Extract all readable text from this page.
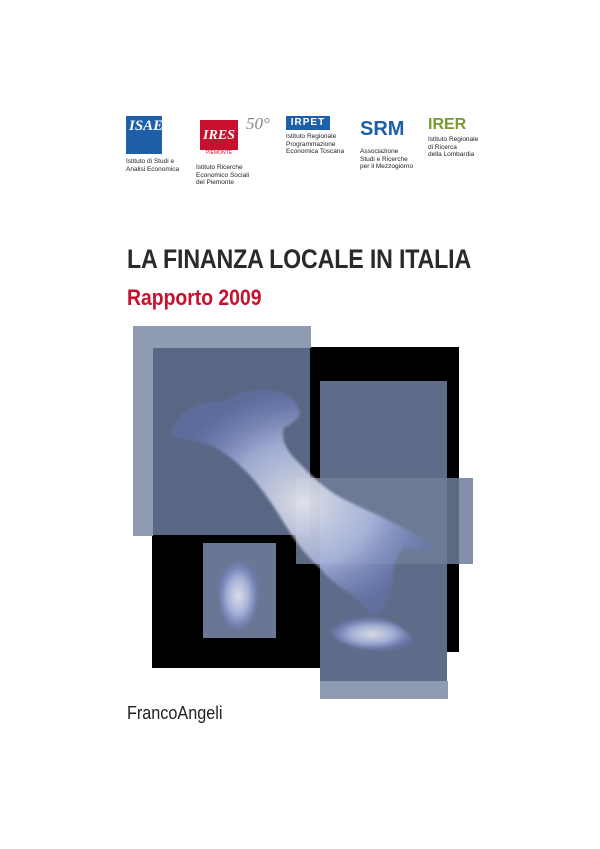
ISAE
Istituto di Studi e
Analisi Economica
IRES
PIEMONTE
50°
Istituto Ricerche
Economico Sociali
del Piemonte
IRPET
Istituto Regionale
Programmazione
Economica Toscana
SRM
Associazione
Studi e Ricerche
per il Mezzogiorno
IRER
Istituto Regionale
di Ricerca
della Lombardia
LA FINANZA LOCALE IN ITALIA
Rapporto 2009
FrancoAngeli
